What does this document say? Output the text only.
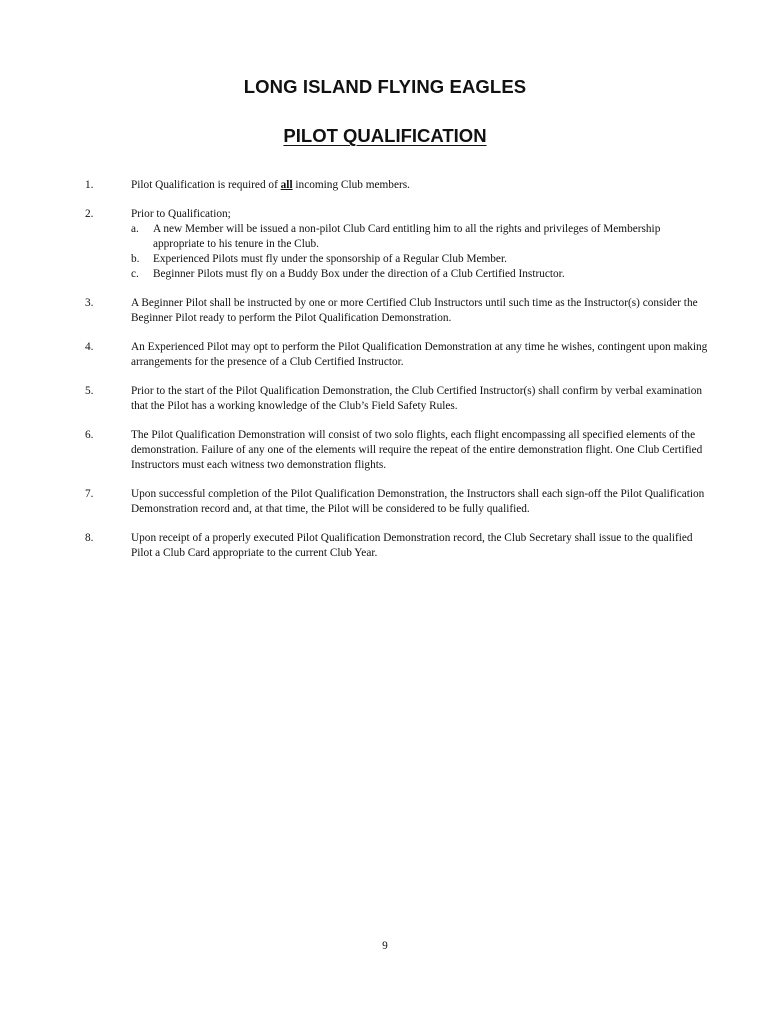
LONG ISLAND FLYING EAGLES
PILOT QUALIFICATION
1.	Pilot Qualification is required of all incoming Club members.
2.	Prior to Qualification;
a. A new Member will be issued a non-pilot Club Card entitling him to all the rights and privileges of Membership appropriate to his tenure in the Club.
b. Experienced Pilots must fly under the sponsorship of a Regular Club Member.
c. Beginner Pilots must fly on a Buddy Box under the direction of a Club Certified Instructor.
3.	A Beginner Pilot shall be instructed by one or more Certified Club Instructors until such time as the Instructor(s) consider the Beginner Pilot ready to perform the Pilot Qualification Demonstration.
4.	An Experienced Pilot may opt to perform the Pilot Qualification Demonstration at any time he wishes, contingent upon making arrangements for the presence of a Club Certified Instructor.
5.	Prior to the start of the Pilot Qualification Demonstration, the Club Certified Instructor(s) shall confirm by verbal examination that the Pilot has a working knowledge of the Club’s Field Safety Rules.
6.	The Pilot Qualification Demonstration will consist of two solo flights, each flight encompassing all specified elements of the demonstration. Failure of any one of the elements will require the repeat of the entire demonstration flight. One Club Certified Instructors must each witness two demonstration flights.
7.	Upon successful completion of the Pilot Qualification Demonstration, the Instructors shall each sign-off the Pilot Qualification Demonstration record and, at that time, the Pilot will be considered to be fully qualified.
8.	Upon receipt of a properly executed Pilot Qualification Demonstration record, the Club Secretary shall issue to the qualified Pilot a Club Card appropriate to the current Club Year.
9
